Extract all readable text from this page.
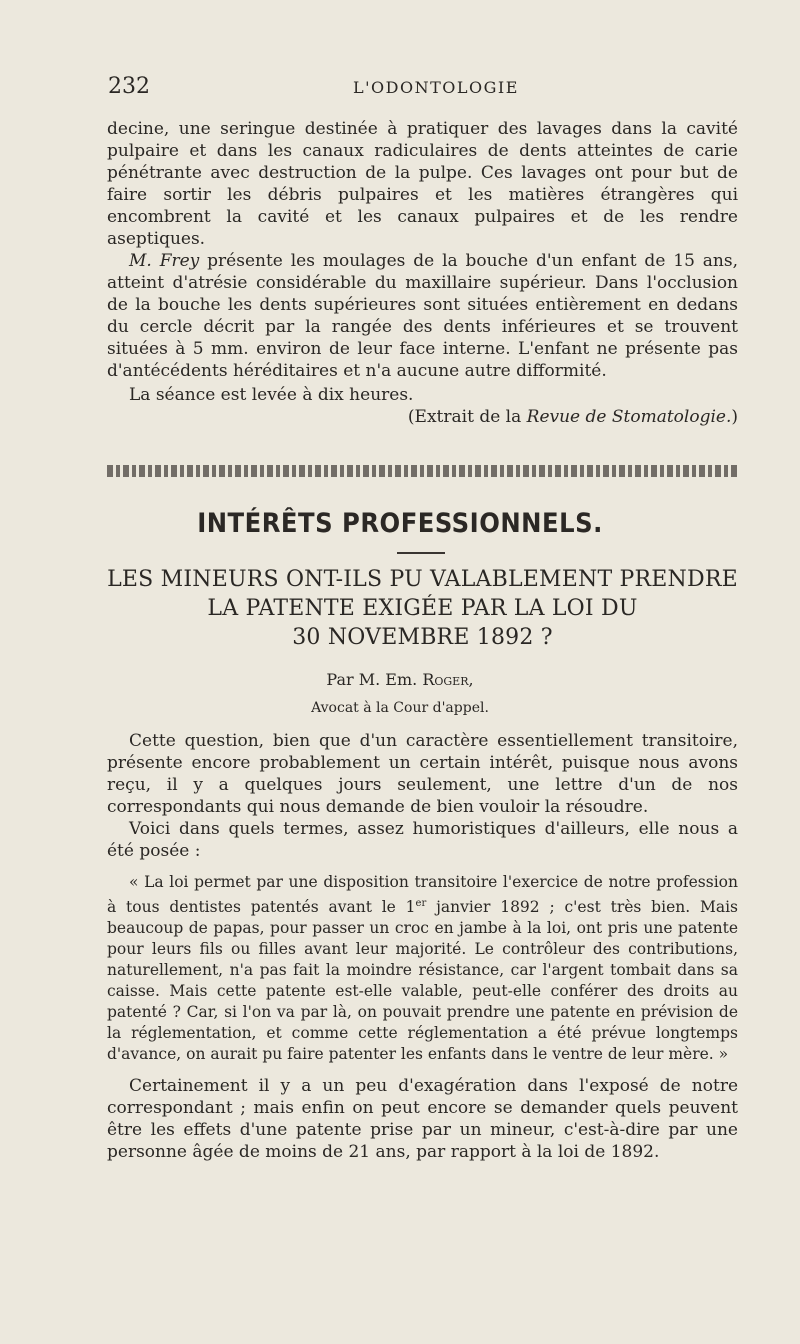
232	L'ODONTOLOGIE

decine, une seringue destinée à pratiquer des lavages dans la cavité pulpaire et dans les canaux radiculaires de dents atteintes de carie pénétrante avec destruction de la pulpe. Ces lavages ont pour but de faire sortir les débris pulpaires et les matières étrangères qui encombrent la cavité et les canaux pulpaires et de les rendre aseptiques.

M. Frey présente les moulages de la bouche d'un enfant de 15 ans, atteint d'atrésie considérable du maxillaire supérieur. Dans l'occlusion de la bouche les dents supérieures sont situées entièrement en dedans du cercle décrit par la rangée des dents inférieures et se trouvent situées à 5 mm. environ de leur face interne. L'enfant ne présente pas d'antécédents héréditaires et n'a aucune autre difformité.

La séance est levée à dix heures.

(Extrait de la Revue de Stomatologie.)

INTÉRÊTS PROFESSIONNELS.
LES MINEURS ONT-ILS PU VALABLEMENT PRENDRE
LA PATENTE EXIGÉE PAR LA LOI DU
30 NOVEMBRE 1892 ?
Par M. Em. Roger,
Avocat à la Cour d'appel.

Cette question, bien que d'un caractère essentiellement transitoire, présente encore probablement un certain intérêt, puisque nous avons reçu, il y a quelques jours seulement, une lettre d'un de nos correspondants qui nous demande de bien vouloir la résoudre.

Voici dans quels termes, assez humoristiques d'ailleurs, elle nous a été posée :

« La loi permet par une disposition transitoire l'exercice de notre profession à tous dentistes patentés avant le 1er janvier 1892 ; c'est très bien. Mais beaucoup de papas, pour passer un croc en jambe à la loi, ont pris une patente pour leurs fils ou filles avant leur majorité. Le contrôleur des contributions, naturellement, n'a pas fait la moindre résistance, car l'argent tombait dans sa caisse. Mais cette patente est-elle valable, peut-elle conférer des droits au patenté ? Car, si l'on va par là, on pouvait prendre une patente en prévision de la réglementation, et comme cette réglementation a été prévue longtemps d'avance, on aurait pu faire patenter les enfants dans le ventre de leur mère. »

Certainement il y a un peu d'exagération dans l'exposé de notre correspondant ; mais enfin on peut encore se demander quels peuvent être les effets d'une patente prise par un mineur, c'est-à-dire par une personne âgée de moins de 21 ans, par rapport à la loi de 1892.
